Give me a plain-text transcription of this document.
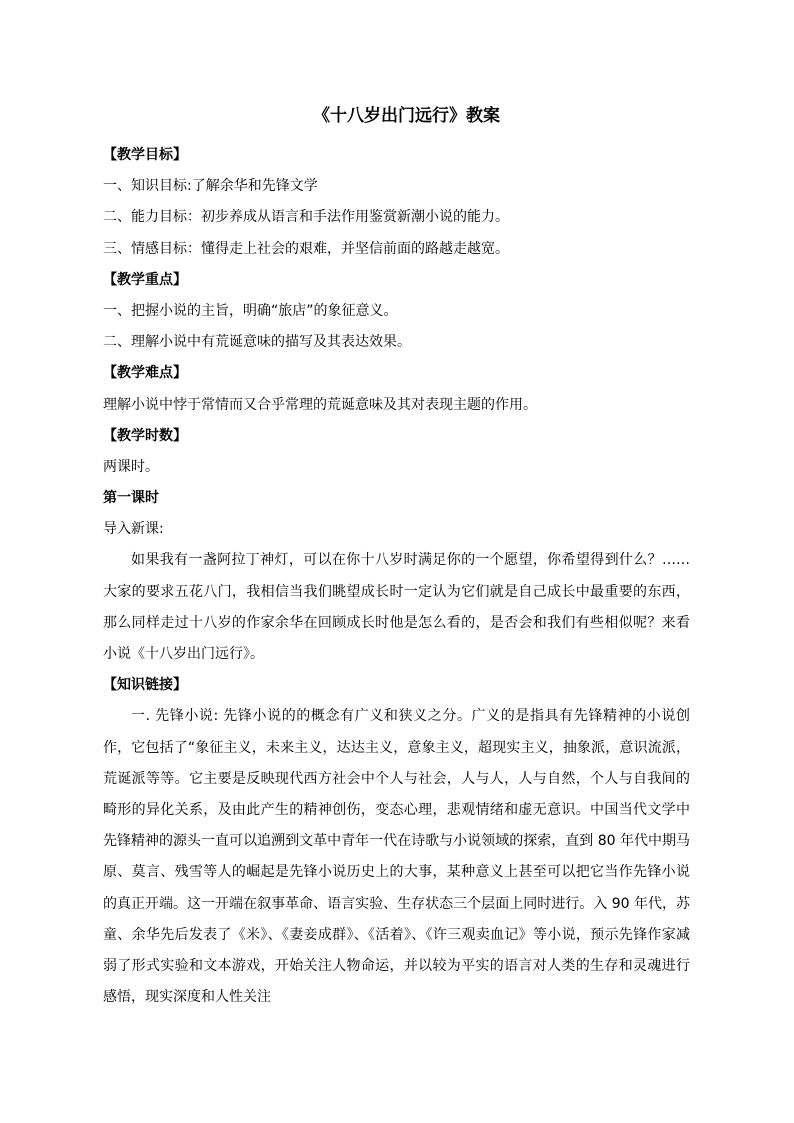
《十八岁出门远行》教案
【教学目标】
一、知识目标:了解余华和先锋文学
二、能力目标：初步养成从语言和手法作用鉴赏新潮小说的能力。
三、情感目标：懂得走上社会的艰难，并坚信前面的路越走越宽。
【教学重点】
一、把握小说的主旨，明确“旅店”的象征意义。
二、理解小说中有荒诞意味的描写及其表达效果。
【教学难点】
理解小说中悖于常情而又合乎常理的荒诞意味及其对表现主题的作用。
【教学时数】
两课时。
第一课时
导入新课:
如果我有一盏阿拉丁神灯，可以在你十八岁时满足你的一个愿望，你希望得到什么？……大家的要求五花八门，我相信当我们眺望成长时一定认为它们就是自己成长中最重要的东西，那么同样走过十八岁的作家余华在回顾成长时他是怎么看的，是否会和我们有些相似呢？来看小说《十八岁出门远行》。
【知识链接】
一. 先锋小说: 先锋小说的的概念有广义和狭义之分。广义的是指具有先锋精神的小说创作，它包括了“象征主义，未来主义，达达主义，意象主义，超现实主义，抽象派，意识流派，荒诞派等等。它主要是反映现代西方社会中个人与社会，人与人，人与自然，个人与自我间的畸形的异化关系，及由此产生的精神创伤，变态心理，悲观情绪和虚无意识。中国当代文学中先锋精神的源头一直可以追溯到文革中青年一代在诗歌与小说领域的探索，直到 80 年代中期马原、莫言、残雪等人的崛起是先锋小说历史上的大事，某种意义上甚至可以把它当作先锋小说的真正开端。这一开端在叙事革命、语言实验、生存状态三个层面上同时进行。入 90 年代，苏童、余华先后发表了《米》、《妻妾成群》、《活着》、《许三观卖血记》等小说，预示先锋作家减弱了形式实验和文本游戏，开始关注人物命运，并以较为平实的语言对人类的生存和灵魂进行感悟，现实深度和人性关注
